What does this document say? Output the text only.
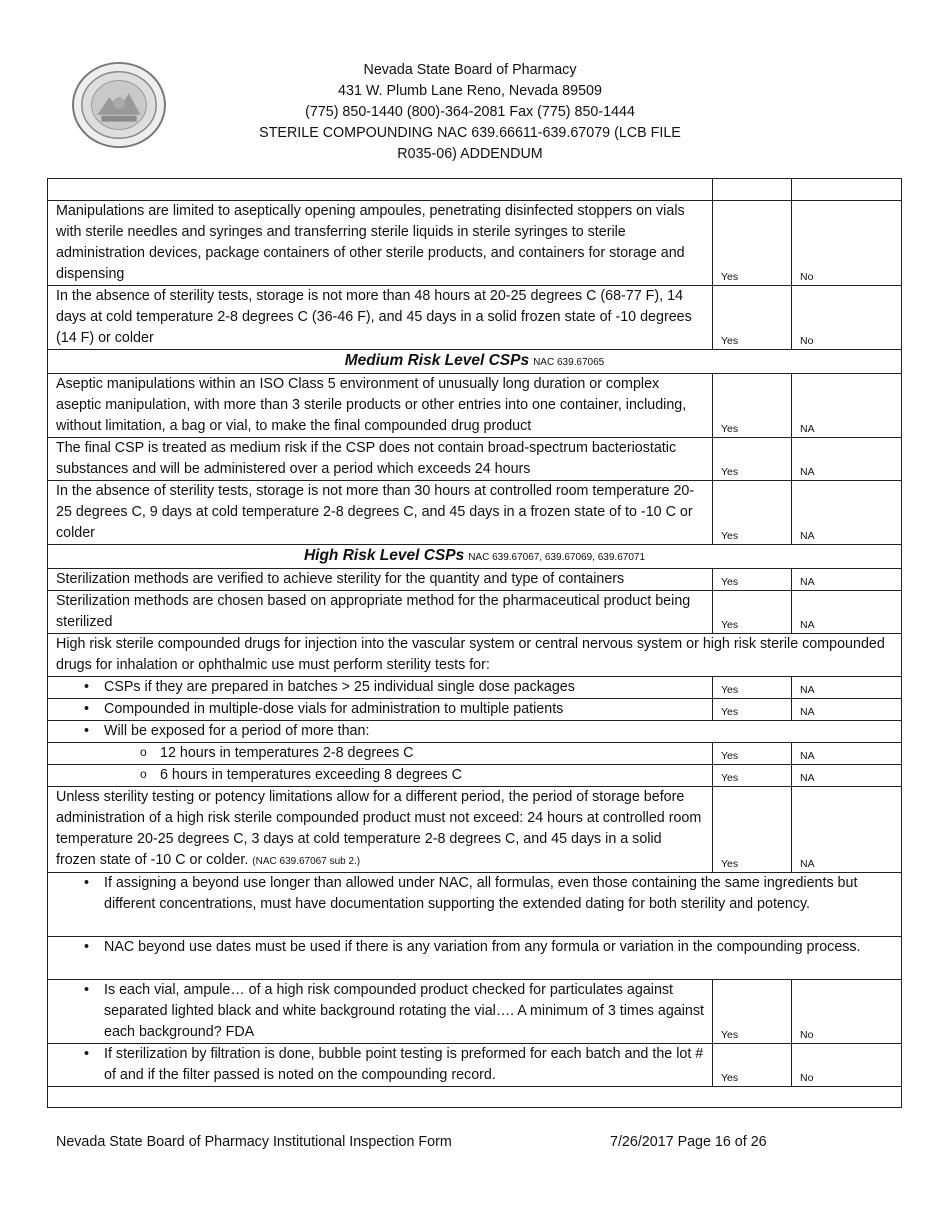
Nevada State Board of Pharmacy
431 W. Plumb Lane Reno, Nevada 89509
(775) 850-1440 (800)-364-2081 Fax (775) 850-1444
STERILE COMPOUNDING NAC 639.66611-639.67079 (LCB FILE
R035-06) ADDENDUM

Manipulations are limited to aseptically opening ampoules, penetrating disinfected stoppers on vials with sterile needles and syringes and transferring sterile liquids in sterile syringes to sterile administration devices, package containers of other sterile products, and containers for storage and dispensing	Yes	No
In the absence of sterility tests, storage is not more than 48 hours at 20-25 degrees C (68-77 F), 14 days at cold temperature 2-8 degrees C (36-46 F), and 45 days in a solid frozen state of -10 degrees (14 F) or colder	Yes	No
Medium Risk Level CSPs NAC 639.67065		
Aseptic manipulations within an ISO Class 5 environment of unusually long duration or complex aseptic manipulation, with more than 3 sterile products or other entries into one container, including, without limitation, a bag or vial, to make the final compounded drug product	Yes	NA
The final CSP is treated as medium risk if the CSP does not contain broad-spectrum bacteriostatic substances and will be administered over a period which exceeds 24 hours	Yes	NA
In the absence of sterility tests, storage is not more than 30 hours at controlled room temperature 20-25 degrees C, 9 days at cold temperature 2-8 degrees C, and 45 days in a frozen state of to -10 C or colder	Yes	NA
High Risk Level CSPs NAC 639.67067, 639.67069, 639.67071		
Sterilization methods are verified to achieve sterility for the quantity and type of containers	Yes	NA
Sterilization methods are chosen based on appropriate method for the pharmaceutical product being sterilized	Yes	NA
High risk sterile compounded drugs for injection into the vascular system or central nervous system or high risk sterile compounded drugs for inhalation or ophthalmic use must perform sterility tests for:		
• CSPs if they are prepared in batches > 25 individual single dose packages	Yes	NA
• Compounded in multiple-dose vials for administration to multiple patients	Yes	NA
• Will be exposed for a period of more than:
o 12 hours in temperatures 2-8 degrees C	Yes	NA
o 6 hours in temperatures exceeding 8 degrees C	Yes	NA
Unless sterility testing or potency limitations allow for a different period, the period of storage before administration of a high risk sterile compounded product must not exceed: 24 hours at controlled room temperature 20-25 degrees C, 3 days at cold temperature 2-8 degrees C, and 45 days in a solid frozen state of -10 C or colder. (NAC 639.67067 sub 2.)	Yes	NA
• If assigning a beyond use longer than allowed under NAC, all formulas, even those containing the same ingredients but different concentrations, must have documentation supporting the extended dating for both sterility and potency.
• NAC beyond use dates must be used if there is any variation from any formula or variation in the compounding process.
• Is each vial, ampule… of a high risk compounded product checked for particulates against separated lighted black and white background rotating the vial…. A minimum of 3 times against each background? FDA	Yes	No
• If sterilization by filtration is done, bubble point testing is preformed for each batch and the lot # of and if the filter passed is noted on the compounding record.	Yes	No

Nevada State Board of Pharmacy Institutional Inspection Form	7/26/2017 Page 16 of 26
